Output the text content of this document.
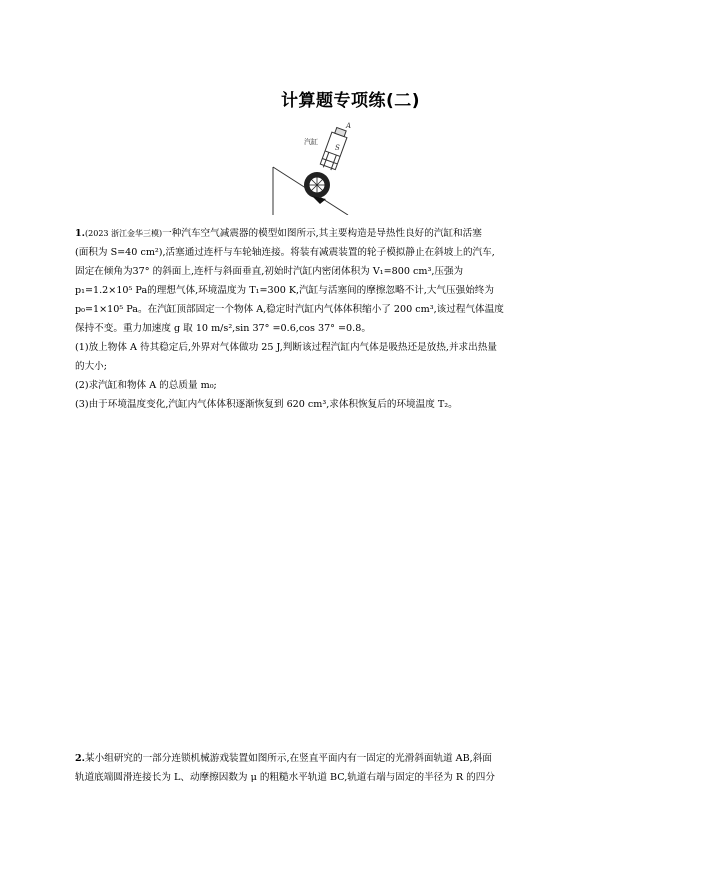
计算题专项练(二)
汽缸
A
S
1.(2023 浙江金华三模)一种汽车空气减震器的模型如图所示,其主要构造是导热性良好的汽缸和活塞
(面积为 S=40 cm²),活塞通过连杆与车轮轴连接。将装有减震装置的轮子模拟静止在斜坡上的汽车,
固定在倾角为37° 的斜面上,连杆与斜面垂直,初始时汽缸内密闭体积为 V₁=800 cm³,压强为
p₁=1.2×10⁵ Pa的理想气体,环境温度为 T₁=300 K,汽缸与活塞间的摩擦忽略不计,大气压强始终为
p₀=1×10⁵ Pa。在汽缸顶部固定一个物体 A,稳定时汽缸内气体体积缩小了 200 cm³,该过程气体温度
保持不变。重力加速度 g 取 10 m/s²,sin 37° =0.6,cos 37° =0.8。
(1)放上物体 A 待其稳定后,外界对气体做功 25 J,判断该过程汽缸内气体是吸热还是放热,并求出热量
的大小;
(2)求汽缸和物体 A 的总质量 m₀;
(3)由于环境温度变化,汽缸内气体体积逐渐恢复到 620 cm³,求体积恢复后的环境温度 T₂。
2.某小组研究的一部分连锁机械游戏装置如图所示,在竖直平面内有一固定的光滑斜面轨道 AB,斜面
轨道底端圆滑连接长为 L、动摩擦因数为 μ 的粗糙水平轨道 BC,轨道右端与固定的半径为 R 的四分
